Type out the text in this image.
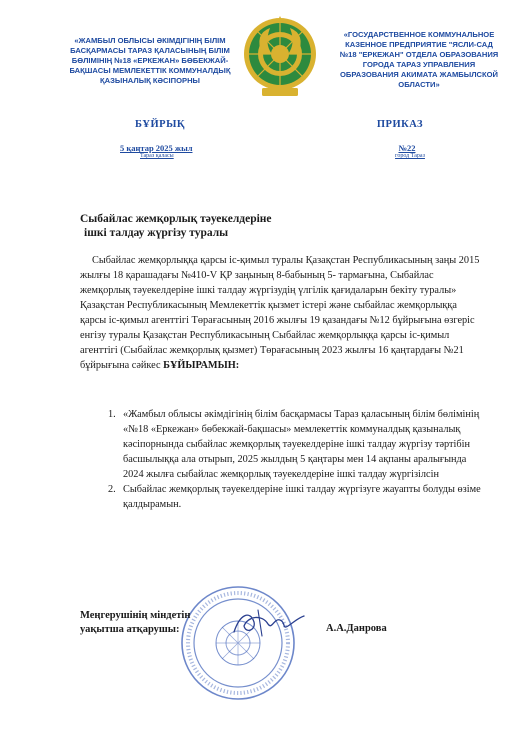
«ЖАМБЫЛ ОБЛЫСЫ ӘКІМДІГІНІҢ БІЛІМ БАСҚАРМАСЫ ТАРАЗ ҚАЛАСЫНЫҢ БІЛІМ БӨЛІМІНІҢ №18 «ЕРКЕЖАН» БӨБЕКЖАЙ-БАҚШАСЫ МЕМЛЕКЕТТІК КОММУНАЛДЫҚ ҚАЗЫНАЛЫҚ КӘСІПОРНЫ
«ГОСУДАРСТВЕННОЕ КОММУНАЛЬНОЕ КАЗЕННОЕ ПРЕДПРИЯТИЕ "ЯСЛИ-САД №18 "ЕРКЕЖАН" ОТДЕЛА ОБРАЗОВАНИЯ ГОРОДА ТАРАЗ УПРАВЛЕНИЯ ОБРАЗОВАНИЯ АКИМАТА ЖАМБЫЛСКОЙ ОБЛАСТИ»
БҰЙРЫҚ	ПРИКАЗ
5 қаңтар 2025 жыл
Тараз қаласы
№22
город Тараз
Сыбайлас жемқорлық тәуекелдеріне
ішкі талдау жүргізу туралы

Сыбайлас жемқорлыққа қарсы іс-қимыл туралы Қазақстан Республикасының заңы 2015 жылғы 18 қарашадағы №410-V ҚР заңының 8-бабының 5- тармағына, Сыбайлас жемқорлық тәуекелдеріне ішкі талдау жүргізудің үлгілік қағидаларын бекіту туралы» Қазақстан Республикасының Мемлекеттік қызмет істері және сыбайлас жемқорлыққа қарсы іс-қимыл агенттігі Төрағасының 2016 жылғы 19 қазандағы №12 бұйрығына өзгеріс енгізу туралы Қазақстан Республикасының Сыбайлас жемқорлыққа қарсы іс-қимыл агенттігі (Сыбайлас жемқорлық қызмет) Төрағасының 2023 жылғы 16 қаңтардағы №21 бұйрығына сәйкес БҰЙЫРАМЫН:

1. «Жамбыл облысы әкімдігінің білім басқармасы Тараз қаласының білім бөлімінің «№18 «Еркежан» бөбекжай-бақшасы» мемлекеттік коммуналдық қазыналық кәсіпорнында сыбайлас жемқорлық тәуекелдеріне ішкі талдау жүргізу тәртібін басшылыққа ала отырып, 2025 жылдың 5 қаңтары мен 14 ақпаны аралығында 2024 жылға сыбайлас жемқорлық тәуекелдеріне ішкі талдау жүргізілсін
2. Сыбайлас жемқорлық тәуекелдеріне ішкі талдау жүргізуге жауапты болуды өзіме қалдырамын.
Меңгерушінің міндетін
уақытша атқарушы:	А.А.Данрова
